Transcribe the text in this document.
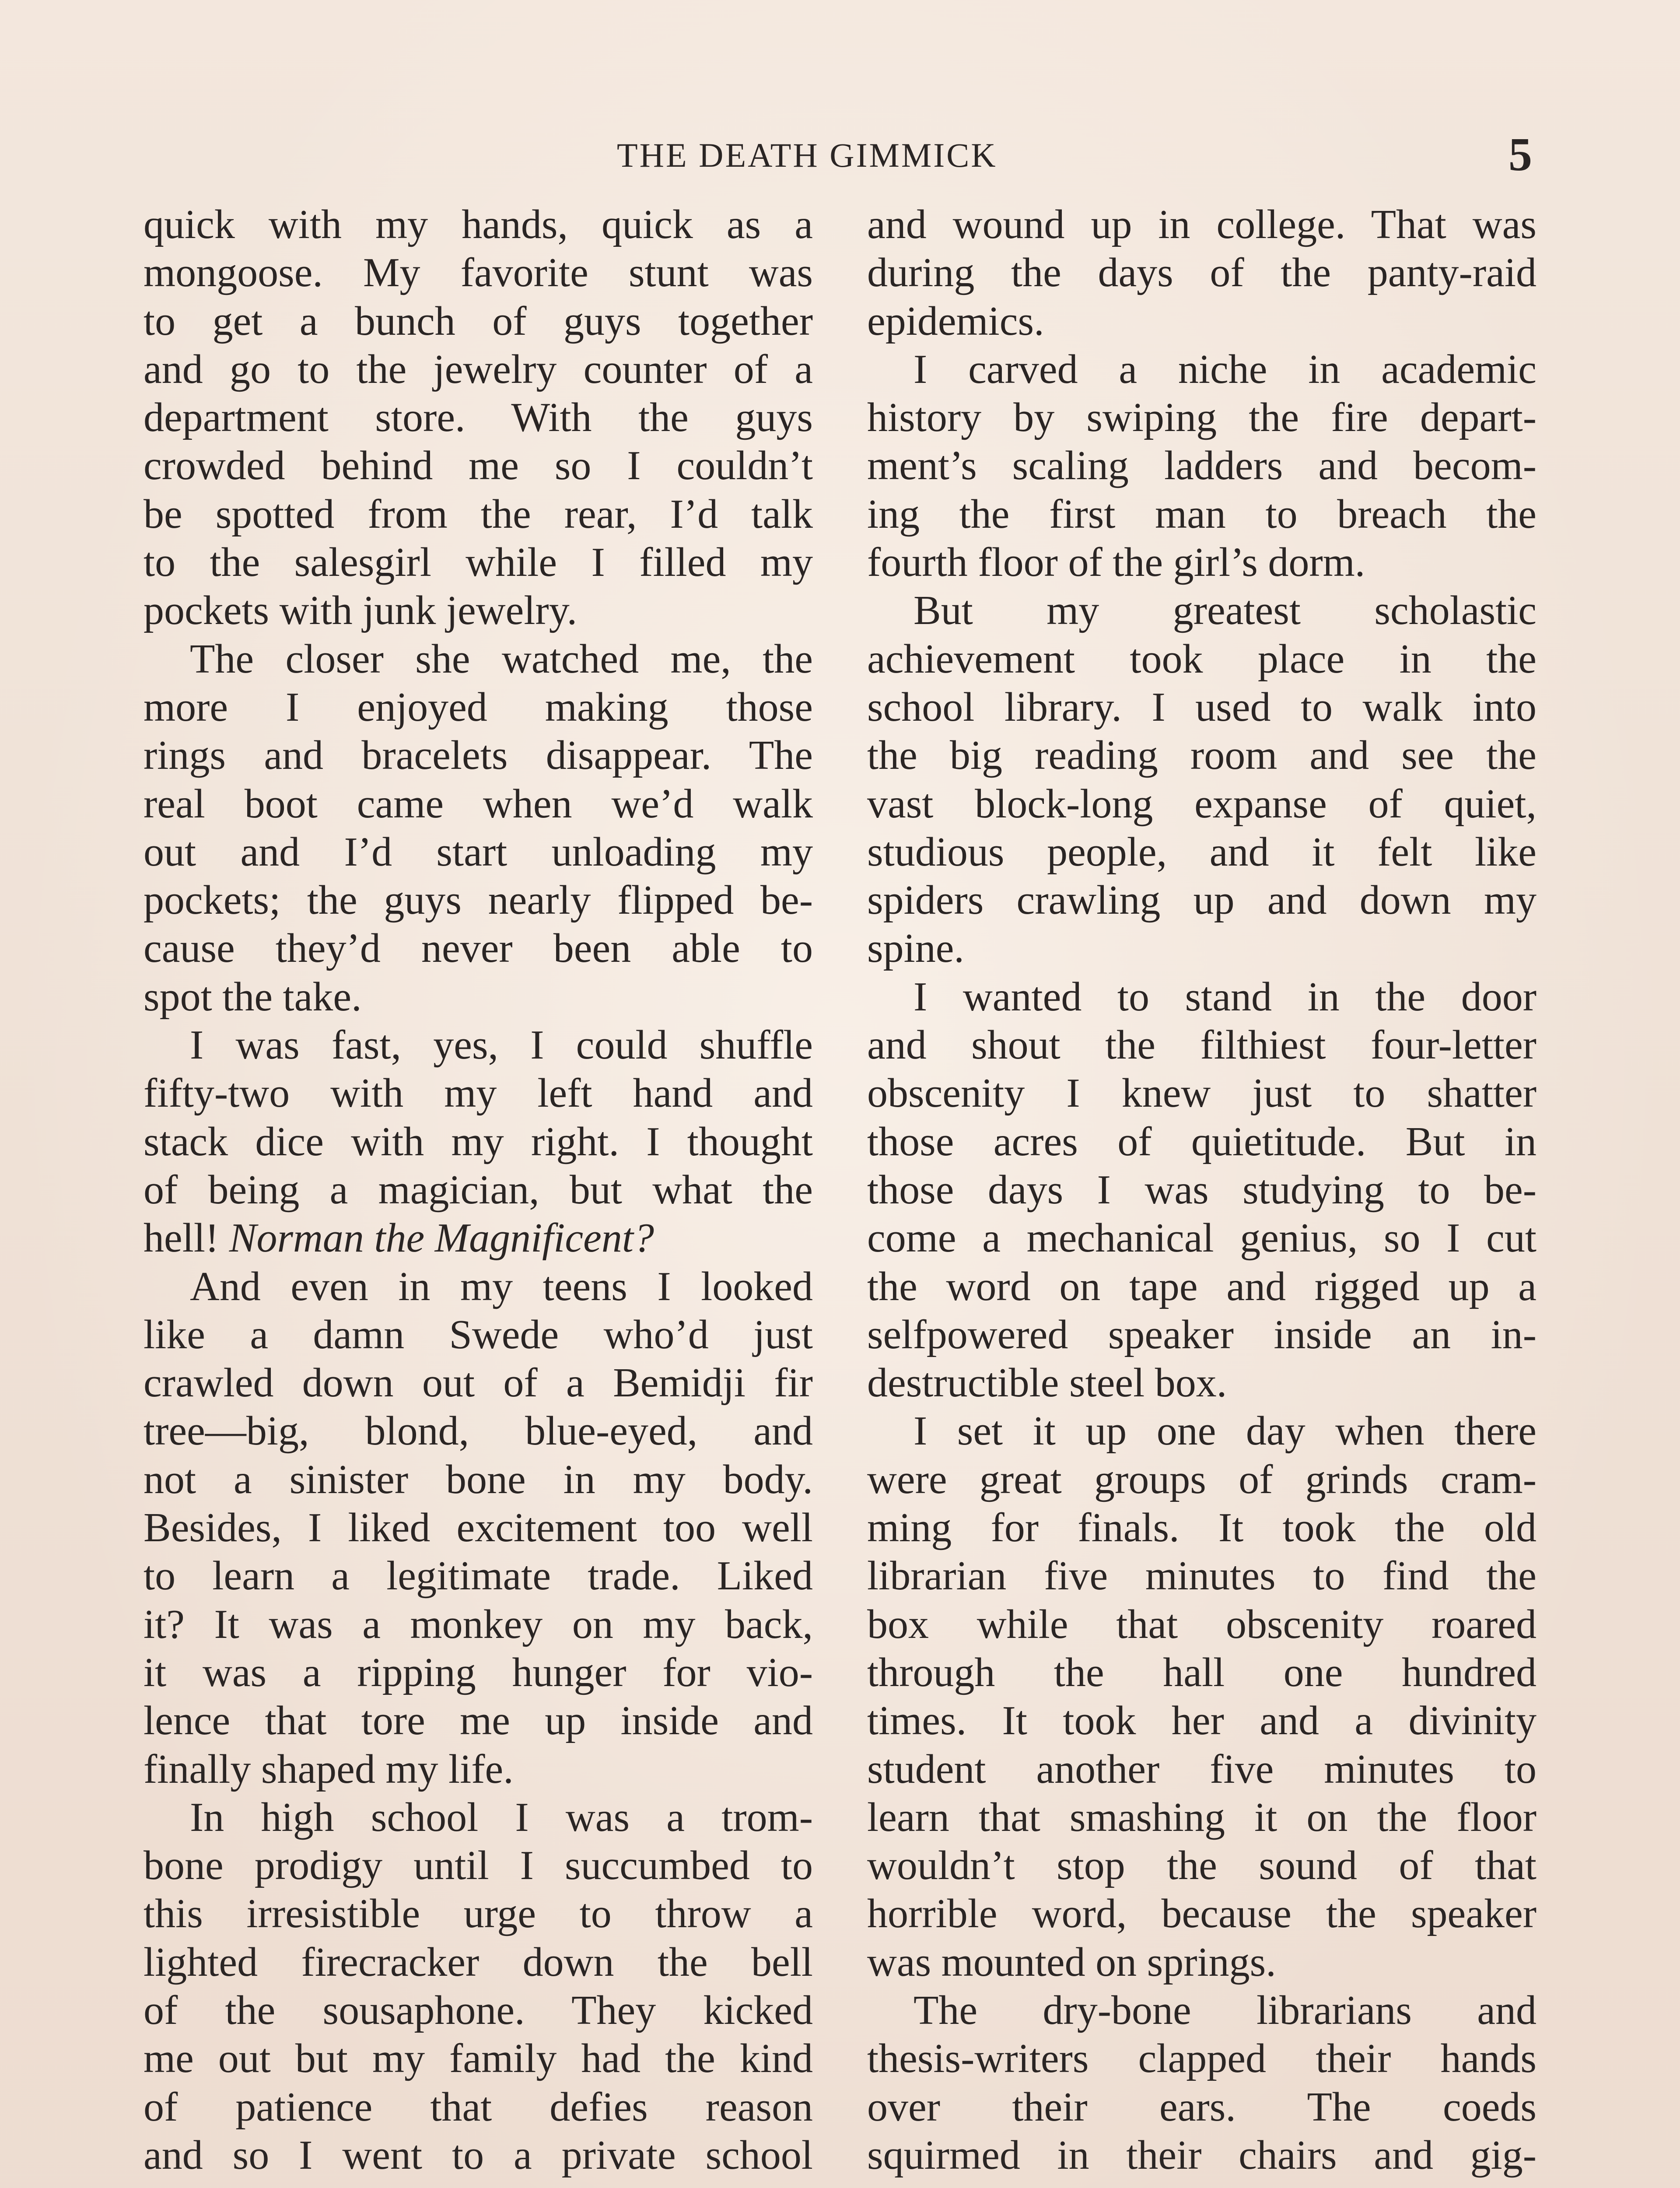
THE DEATH GIMMICK	5
quick with my hands, quick as a
mongoose. My favorite stunt was
to get a bunch of guys together
and go to the jewelry counter of a
department store. With the guys
crowded behind me so I couldn’t
be spotted from the rear, I’d talk
to the salesgirl while I filled my
pockets with junk jewelry.
The closer she watched me, the
more I enjoyed making those
rings and bracelets disappear. The
real boot came when we’d walk
out and I’d start unloading my
pockets; the guys nearly flipped be-
cause they’d never been able to
spot the take.
I was fast, yes, I could shuffle
fifty-two with my left hand and
stack dice with my right. I thought
of being a magician, but what the
hell! Norman the Magnificent?
And even in my teens I looked
like a damn Swede who’d just
crawled down out of a Bemidji fir
tree—big, blond, blue-eyed, and
not a sinister bone in my body.
Besides, I liked excitement too well
to learn a legitimate trade. Liked
it? It was a monkey on my back,
it was a ripping hunger for vio-
lence that tore me up inside and
finally shaped my life.
In high school I was a trom-
bone prodigy until I succumbed to
this irresistible urge to throw a
lighted firecracker down the bell
of the sousaphone. They kicked
me out but my family had the kind
of patience that defies reason
and so I went to a private school
and wound up in college. That was
during the days of the panty-raid
epidemics.
I carved a niche in academic
history by swiping the fire depart-
ment’s scaling ladders and becom-
ing the first man to breach the
fourth floor of the girl’s dorm.
But my greatest scholastic
achievement took place in the
school library. I used to walk into
the big reading room and see the
vast block-long expanse of quiet,
studious people, and it felt like
spiders crawling up and down my
spine.
I wanted to stand in the door
and shout the filthiest four-letter
obscenity I knew just to shatter
those acres of quietitude. But in
those days I was studying to be-
come a mechanical genius, so I cut
the word on tape and rigged up a
selfpowered speaker inside an in-
destructible steel box.
I set it up one day when there
were great groups of grinds cram-
ming for finals. It took the old
librarian five minutes to find the
box while that obscenity roared
through the hall one hundred
times. It took her and a divinity
student another five minutes to
learn that smashing it on the floor
wouldn’t stop the sound of that
horrible word, because the speaker
was mounted on springs.
The dry-bone librarians and
thesis-writers clapped their hands
over their ears. The coeds
squirmed in their chairs and gig-
